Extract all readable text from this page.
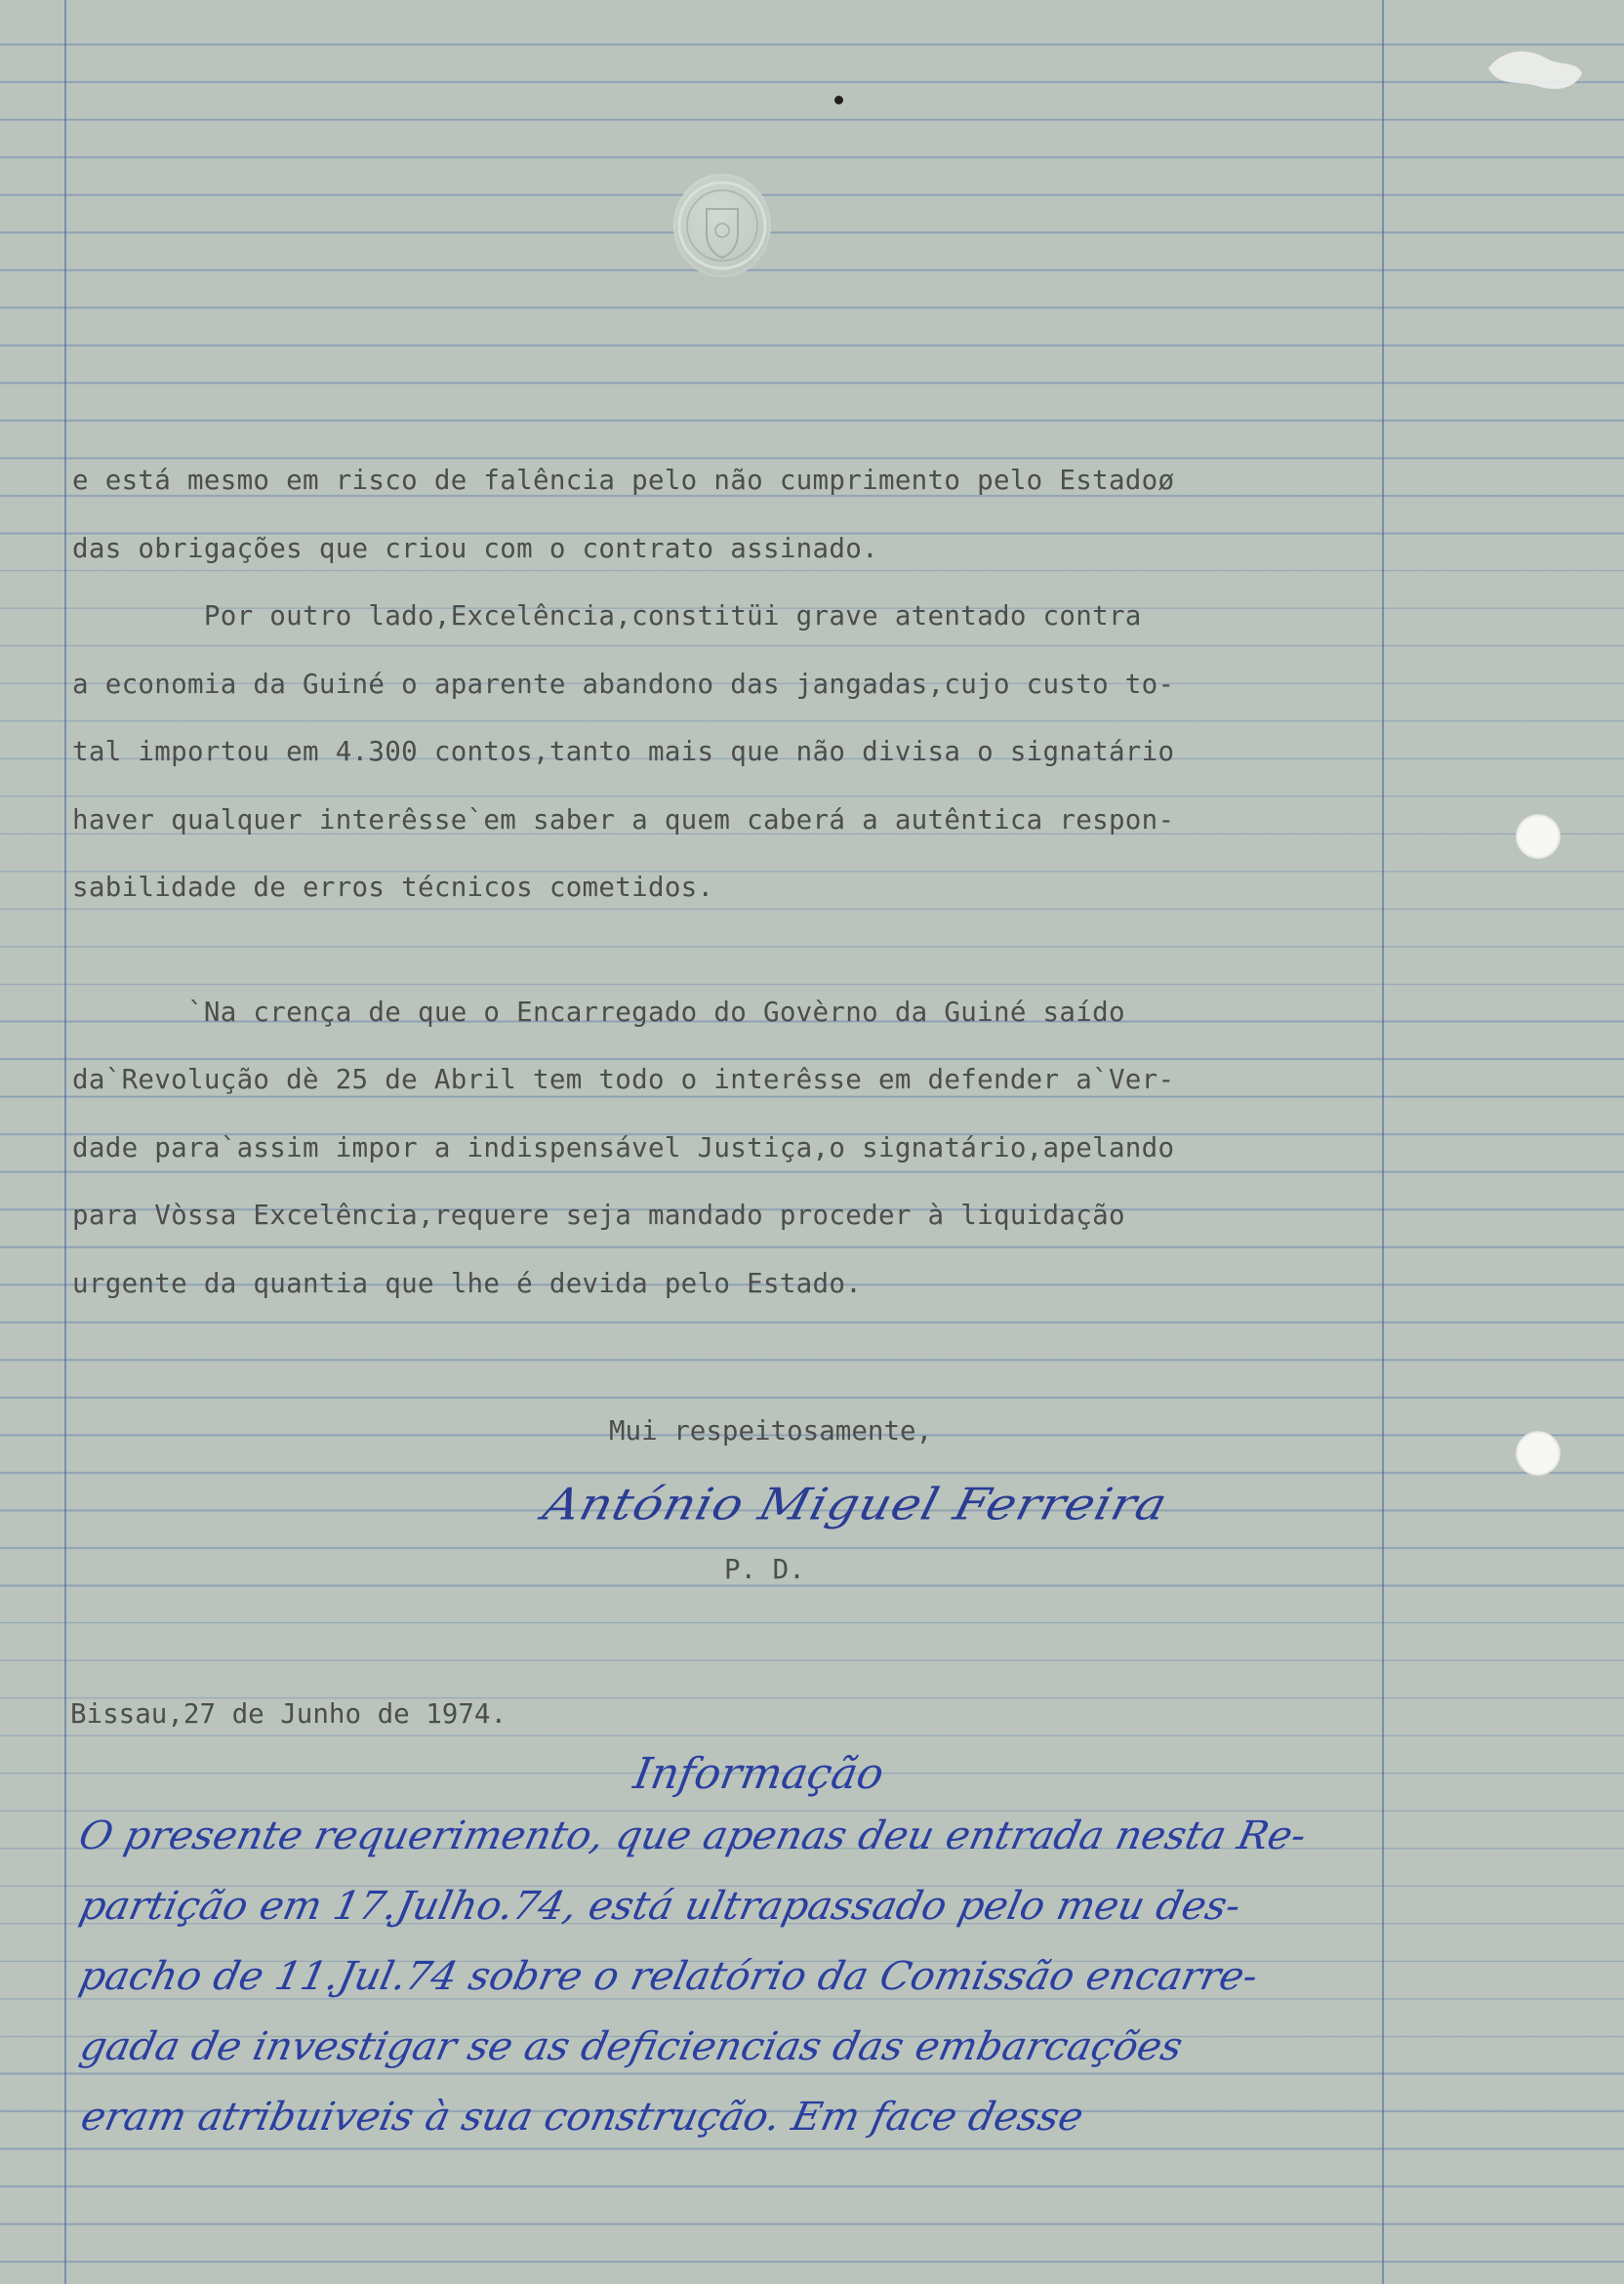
e está mesmo em risco de falência pelo não cumprimento pelo Estadoø
das obrigações que criou com o contrato assinado.
Por outro lado,Excelência,constitüi grave atentado contra
a economia da Guiné o aparente abandono das jangadas,cujo custo to-
tal importou em 4.300 contos,tanto mais que não divisa o signatário
haver qualquer interêsse`em saber a quem caberá a autêntica respon-
sabilidade de erros técnicos cometidos.
`Na crença de que o Encarregado do Govèrno da Guiné saído
da`Revolução dè 25 de Abril tem todo o interêsse em defender a`Ver-
dade para`assim impor a indispensável Justiça,o signatário,apelando
para Vòssa Excelência,requere seja mandado proceder à liquidação
urgente da quantia que lhe é devida pelo Estado.
Mui respeitosamente,
António Miguel Ferreira
P. D.
Bissau,27 de Junho de 1974.
Informação
O presente requerimento, que apenas deu entrada nesta Re-
partição em 17.Julho.74, está ultrapassado pelo meu des-
pacho de 11.Jul.74 sobre o relatório da Comissão encarre-
gada de investigar se as deficiencias das embarcações
eram atribuiveis à sua construção. Em face desse
